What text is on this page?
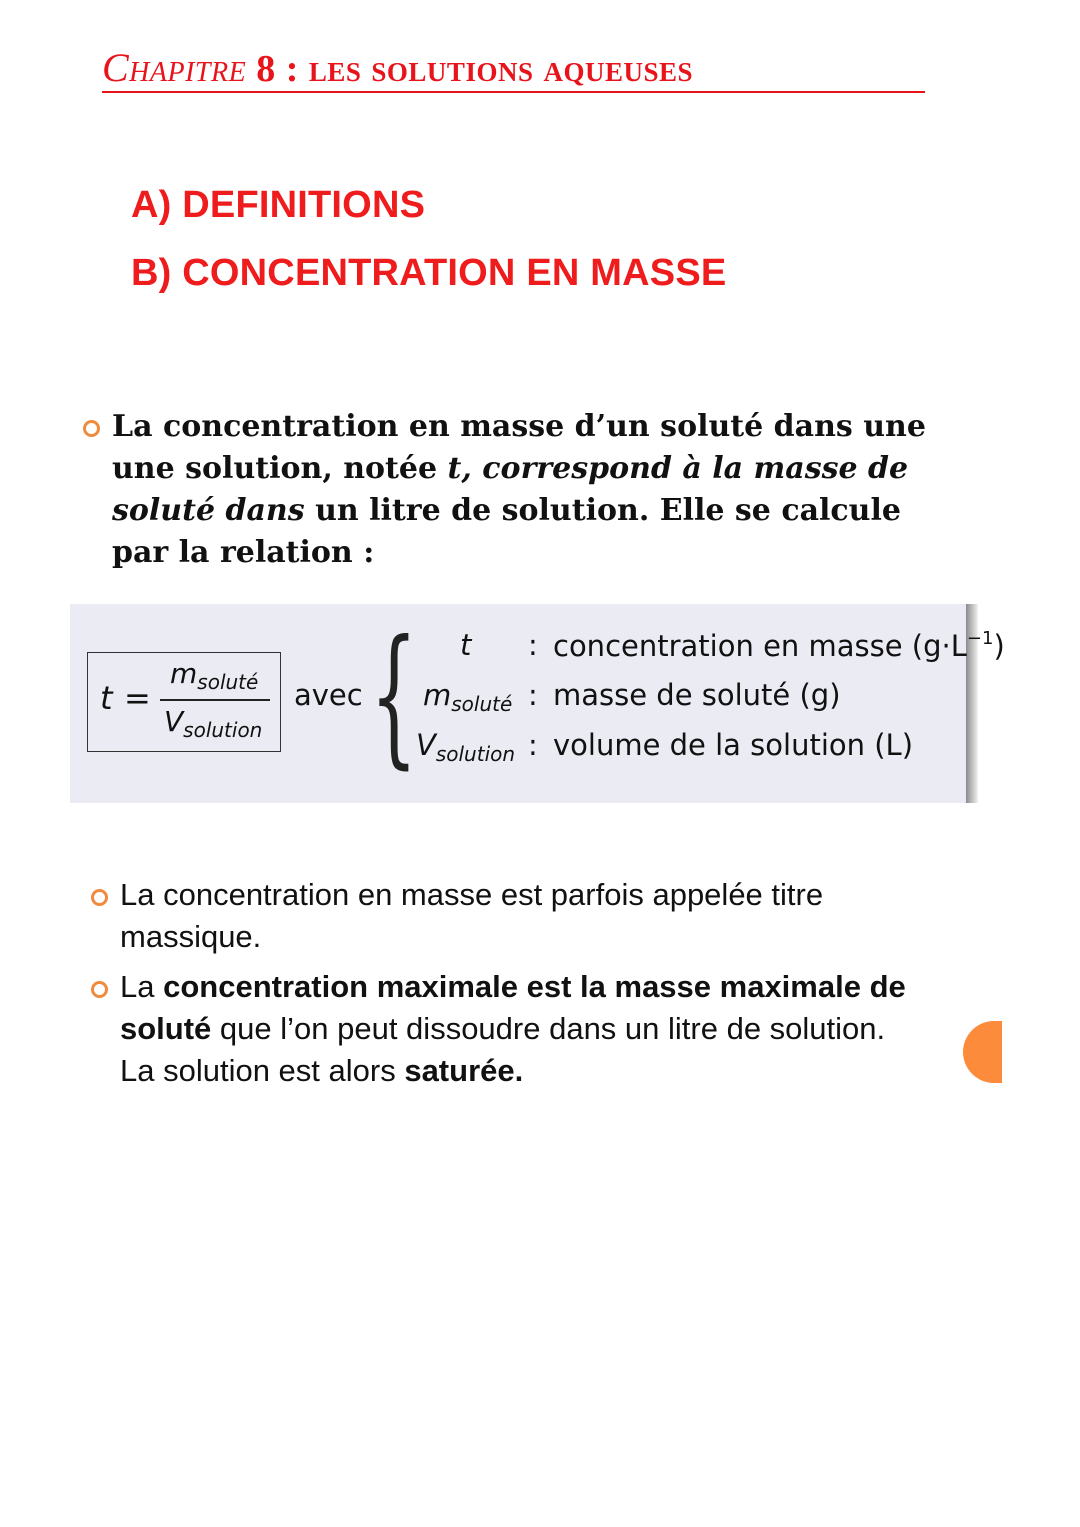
Chapitre 8 : les solutions aqueuses
A) DEFINITIONS
B) CONCENTRATION EN MASSE
La concentration en masse d’un soluté dans une une solution, notée t, correspond à la masse de soluté dans un litre de solution. Elle se calcule par la relation :
t =
$m_{soluté}$
$V_{solution}$
avec { t : concentration en masse $(g\cdot L^{-1})$
$m_{soluté}$ : masse de soluté (g)
$V_{solution}$ : volume de la solution (L)
La concentration en masse est parfois appelée titre massique.
La concentration maximale est la masse maximale de soluté que l’on peut dissoudre dans un litre de solution. La solution est alors saturée.
